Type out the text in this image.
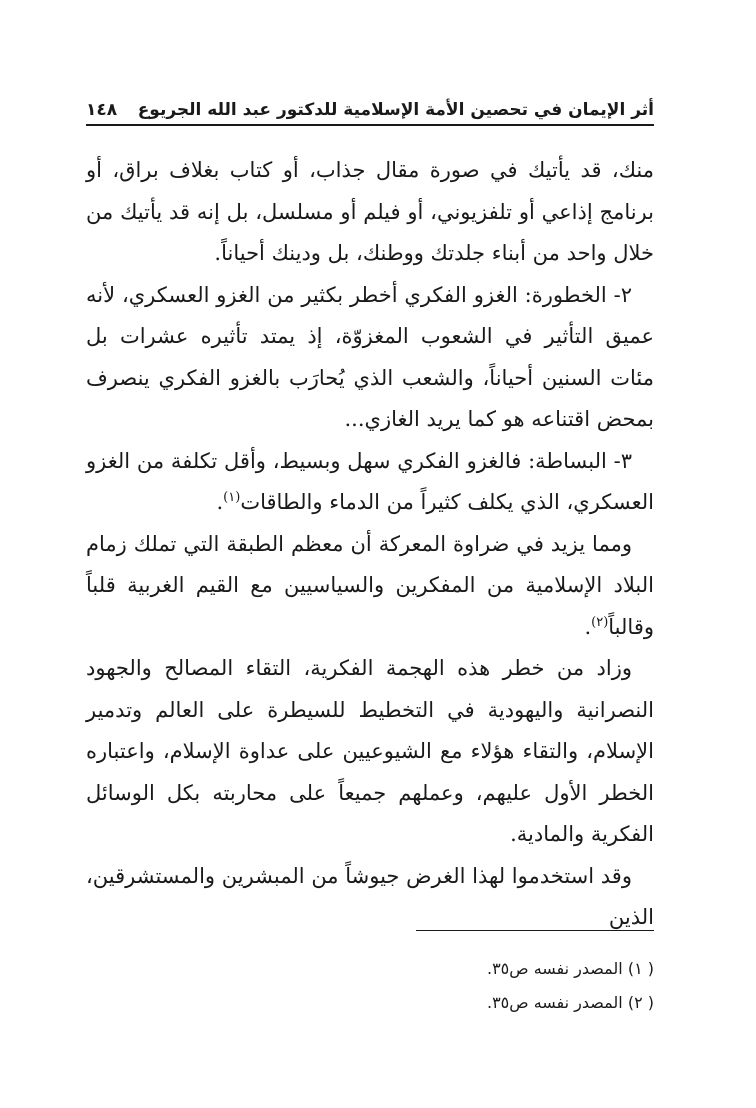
أثر الإيمان في تحصين الأمة الإسلامية للدكتور عبد الله الجريوع
١٤٨

منك، قد يأتيك في صورة مقال جذاب، أو كتاب بغلاف براق، أو برنامج إذاعي أو تلفزيوني، أو فيلم أو مسلسل، بل إنه قد يأتيك من خلال واحد من أبناء جلدتك ووطنك، بل ودينك أحياناً.

٢- الخطورة: الغزو الفكري أخطر بكثير من الغزو العسكري، لأنه عميق التأثير في الشعوب المغزوّة، إذ يمتد تأثيره عشرات بل مئات السنين أحياناً، والشعب الذي يُحارَب بالغزو الفكري ينصرف بمحض اقتناعه هو كما يريد الغازي...

٣- البساطة: فالغزو الفكري سهل وبسيط، وأقل تكلفة من الغزو العسكري، الذي يكلف كثيراً من الدماء والطاقات$^{(١)}$.

ومما يزيد في ضراوة المعركة أن معظم الطبقة التي تملك زمام البلاد الإسلامية من المفكرين والسياسيين مع القيم الغربية قلباً وقالباً$^{(٢)}$.

وزاد من خطر هذه الهجمة الفكرية، التقاء المصالح والجهود النصرانية واليهودية في التخطيط للسيطرة على العالم وتدمير الإسلام، والتقاء هؤلاء مع الشيوعيين على عداوة الإسلام، واعتباره الخطر الأول عليهم، وعملهم جميعاً على محاربته بكل الوسائل الفكرية والمادية.

وقد استخدموا لهذا الغرض جيوشاً من المبشرين والمستشرقين، الذين

( ١) المصدر نفسه ص٣٥.
( ٢) المصدر نفسه ص٣٥.
